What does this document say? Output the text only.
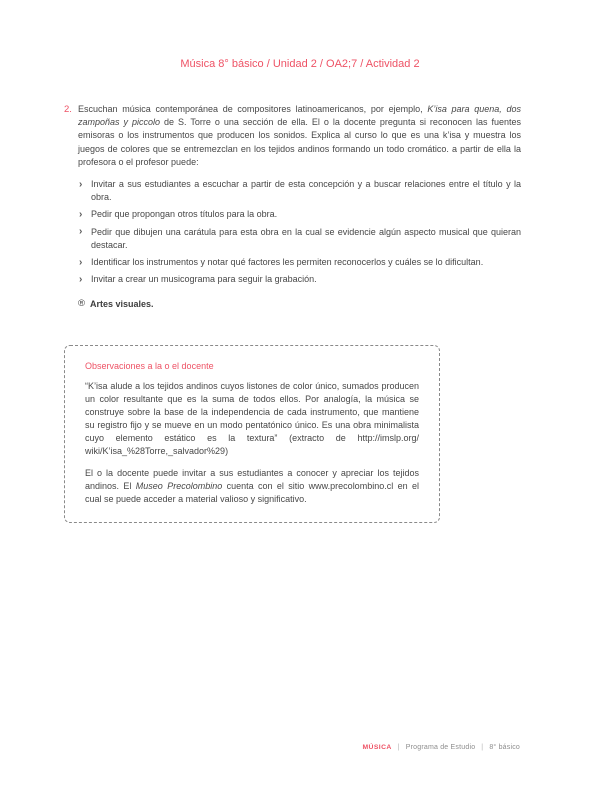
Música 8° básico / Unidad 2 / OA2;7 / Actividad 2
2. Escuchan música contemporánea de compositores latinoamericanos, por ejemplo, K’isa para quena, dos zampoñas y piccolo de S. Torre o una sección de ella. El o la docente pregunta si reconocen las fuentes emisoras o los instrumentos que producen los sonidos. Explica al curso lo que es una k’isa y muestra los juegos de colores que se entremezclan en los tejidos andinos formando un todo cromático. a partir de ella la profesora o el profesor puede:

› Invitar a sus estudiantes a escuchar a partir de esta concepción y a buscar relaciones entre el título y la obra.
› Pedir que propongan otros títulos para la obra.
› Pedir que dibujen una carátula para esta obra en la cual se evidencie algún aspecto musical que quieran destacar.
› Identificar los instrumentos y notar qué factores les permiten reconocerlos y cuáles se lo dificultan.
› Invitar a crear un musicograma para seguir la grabación.

® Artes visuales.

Observaciones a la o el docente

“K’isa alude a los tejidos andinos cuyos listones de color único, sumados producen un color resultante que es la suma de todos ellos. Por analogía, la música se construye sobre la base de la independencia de cada instrumento, que mantiene su registro fijo y se mueve en un modo pentatónico único. Es una obra minimalista cuyo elemento estático es la textura” (extracto de http://imslp.org/ wiki/K’isa_%28Torre,_salvador%29)

El o la docente puede invitar a sus estudiantes a conocer y apreciar los tejidos andinos. El Museo Precolombino cuenta con el sitio www.precolombino.cl en el cual se puede acceder a material valioso y significativo.

MÚSICA | Programa de Estudio | 8° básico
